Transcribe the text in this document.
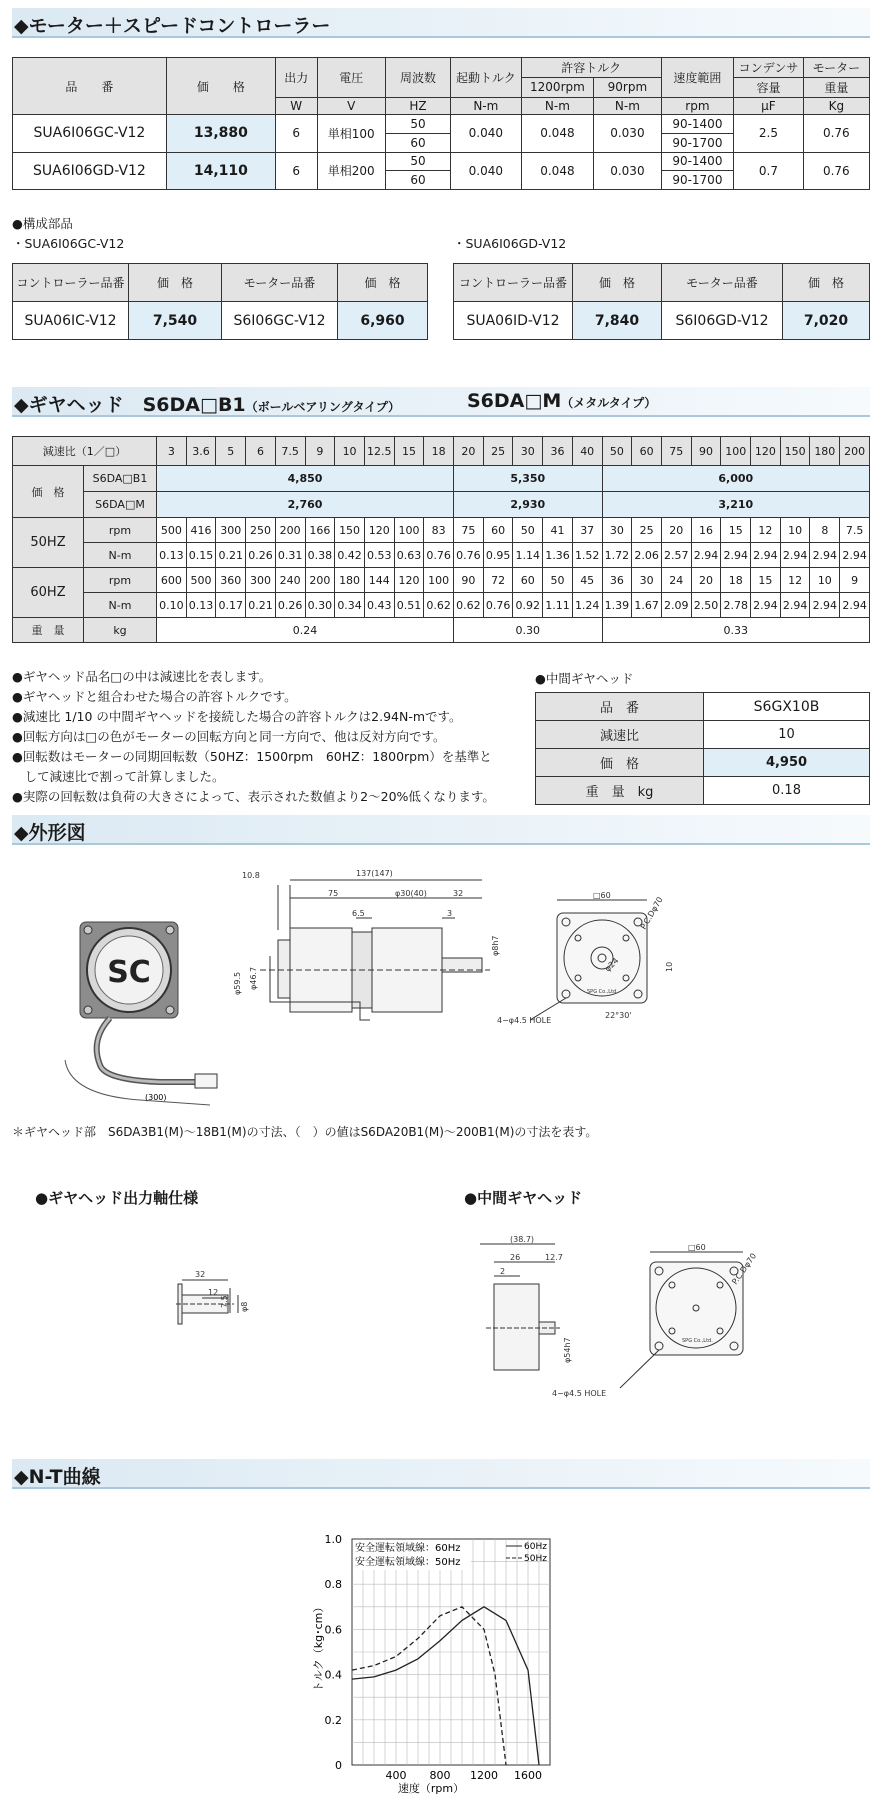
◆モーター＋スピードコントローラー
品　　番	価　　格	出力	電圧	周波数	起動トルク	許容トルク		速度範囲	コンデンサ	モーター
						1200rpm	90rpm		容量	重量
		W	V	HZ	N-m	N-m	N-m	rpm	μF	Kg
SUA6I06GC-V12	13,880	6	単相100	50	0.040	0.048	0.030	90-1400	2.5	0.76
				60				90-1700		
SUA6I06GD-V12	14,110	6	単相200	50	0.040	0.048	0.030	90-1400	0.7	0.76
				60				90-1700		
●構成部品
・SUA6I06GC-V12	・SUA6I06GD-V12
コントローラー品番	価　格	モーター品番	価　格
SUA06IC-V12	7,540	S6I06GC-V12	6,960
コントローラー品番	価　格	モーター品番	価　格
SUA06ID-V12	7,840	S6I06GD-V12	7,020
◆ギヤヘッド　S6DA□B1（ボールベアリングタイプ）	S6DA□M（メタルタイプ）
減速比（1／□）		3	3.6	5	6	7.5	9	10	12.5	15	18	20	25	30	36	40	50	60	75	90	100	120	150	180	200
価　格	S6DA□B1	4,850										5,350					6,000								
	S6DA□M	2,760										2,930					3,210								
50HZ	rpm	500	416	300	250	200	166	150	120	100	83	75	60	50	41	37	30	25	20	16	15	12	10	8	7.5
	N-m	0.13	0.15	0.21	0.26	0.31	0.38	0.42	0.53	0.63	0.76	0.76	0.95	1.14	1.36	1.52	1.72	2.06	2.57	2.94	2.94	2.94	2.94	2.94	2.94
60HZ	rpm	600	500	360	300	240	200	180	144	120	100	90	72	60	50	45	36	30	24	20	18	15	12	10	9
	N-m	0.10	0.13	0.17	0.21	0.26	0.30	0.34	0.43	0.51	0.62	0.62	0.76	0.92	1.11	1.24	1.39	1.67	2.09	2.50	2.78	2.94	2.94	2.94	2.94
重　量	kg	0.24										0.30					0.33								
●ギヤヘッド品名□の中は減速比を表します。
●ギヤヘッドと組合わせた場合の許容トルクです。
●減速比 1/10 の中間ギヤヘッドを接続した場合の許容トルクは2.94N-mです。
●回転方向は□の色がモーターの回転方向と同一方向で、他は反対方向です。
●回転数はモーターの同期回転数（50HZ：1500rpm　60HZ：1800rpm）を基準と
　して減速比で割って計算しました。
●実際の回転数は負荷の大きさによって、表示された数値より2～20%低くなります。
●中間ギヤヘッド
品　番	S6GX10B
減速比	10
価　格	4,950
重　量　kg	0.18
◆外形図
SC
(300)
10.8	137(147)
75	φ30(40)	32
6.5	3
φ8h7
φ59.5 φ46.7
□60	P.C.Dφ70
φ24	10
22°30'
4−φ4.5 HOLE
SPG Co.,Ltd.
＊ギヤヘッド部　S6DA3B1(M)～18B1(M)の寸法、（　）の値はS6DA20B1(M)～200B1(M)の寸法を表す。
●ギヤヘッド出力軸仕様	●中間ギヤヘッド
32
12
7.5 φ8
(38.7)
26	12.7
2
φ54h7
□60
P.C.Dφ70
4−φ4.5 HOLE
SPG Co.,Ltd.
◆N-T曲線
0
0.2
0.4
0.6
0.8
1.0
400 800 1200 1600
速度（rpm）
トルク（kg･cm）
安全運転領域線：60Hz
安全運転領域線：50Hz
60Hz
50Hz
